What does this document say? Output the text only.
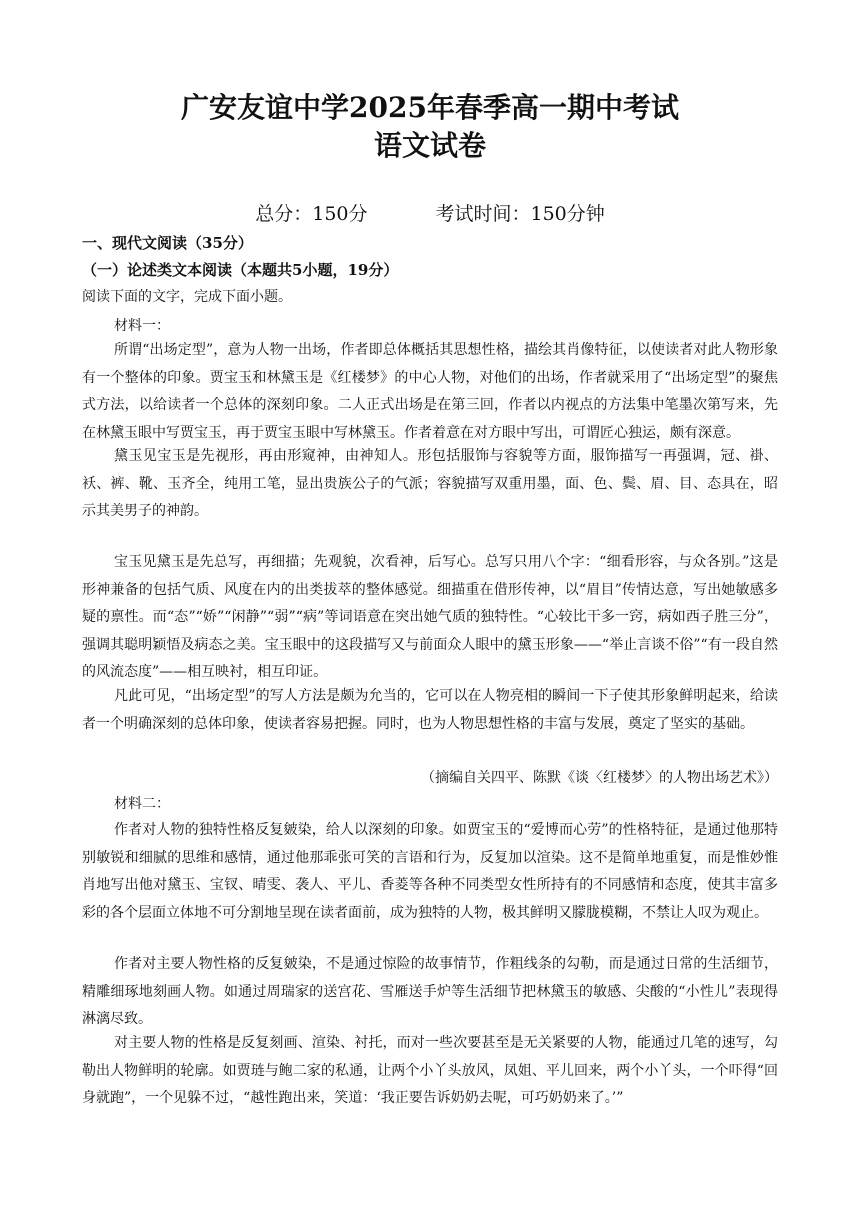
广安友谊中学2025年春季高一期中考试
语文试卷
总分：150分	考试时间：150分钟
一、现代文阅读（35分）
（一）论述类文本阅读（本题共5小题，19分）
阅读下面的文字，完成下面小题。
材料一：

所谓“出场定型”，意为人物一出场，作者即总体概括其思想性格，描绘其肖像特征，以使读者对此人物形象有一个整体的印象。贾宝玉和林黛玉是《红楼梦》的中心人物，对他们的出场，作者就采用了“出场定型”的聚焦式方法，以给读者一个总体的深刻印象。二人正式出场是在第三回，作者以内视点的方法集中笔墨次第写来，先在林黛玉眼中写贾宝玉，再于贾宝玉眼中写林黛玉。作者着意在对方眼中写出，可谓匠心独运，颇有深意。

黛玉见宝玉是先视形，再由形窥神，由神知人。形包括服饰与容貌等方面，服饰描写一再强调，冠、褂、袄、裤、靴、玉齐全，纯用工笔，显出贵族公子的气派；容貌描写双重用墨，面、色、鬓、眉、目、态具在，昭示其美男子的神韵。

宝玉见黛玉是先总写，再细描；先观貌，次看神，后写心。总写只用八个字：“细看形容，与众各别。”这是形神兼备的包括气质、风度在内的出类拔萃的整体感觉。细描重在借形传神，以“眉目”传情达意，写出她敏感多疑的禀性。而“态”“娇”“闲静”“弱”“病”等词语意在突出她气质的独特性。“心较比干多一窍，病如西子胜三分”，强调其聪明颖悟及病态之美。宝玉眼中的这段描写又与前面众人眼中的黛玉形象——“举止言谈不俗”“有一段自然的风流态度”——相互映衬，相互印证。

凡此可见，“出场定型”的写人方法是颇为允当的，它可以在人物亮相的瞬间一下子使其形象鲜明起来，给读者一个明确深刻的总体印象，使读者容易把握。同时，也为人物思想性格的丰富与发展，奠定了坚实的基础。

（摘编自关四平、陈默《谈〈红楼梦〉的人物出场艺术》）
材料二：

作者对人物的独特性格反复皴染，给人以深刻的印象。如贾宝玉的“爱博而心劳”的性格特征，是通过他那特别敏锐和细腻的思维和感情，通过他那乖张可笑的言语和行为，反复加以渲染。这不是简单地重复，而是惟妙惟肖地写出他对黛玉、宝钗、晴雯、袭人、平儿、香菱等各种不同类型女性所持有的不同感情和态度，使其丰富多彩的各个层面立体地不可分割地呈现在读者面前，成为独特的人物，极其鲜明又朦胧模糊，不禁让人叹为观止。

作者对主要人物性格的反复皴染，不是通过惊险的故事情节，作粗线条的勾勒，而是通过日常的生活细节，精雕细琢地刻画人物。如通过周瑞家的送宫花、雪雁送手炉等生活细节把林黛玉的敏感、尖酸的“小性儿”表现得淋漓尽致。

对主要人物的性格是反复刻画、渲染、衬托，而对一些次要甚至是无关紧要的人物，能通过几笔的速写，勾勒出人物鲜明的轮廓。如贾琏与鲍二家的私通，让两个小丫头放风，凤姐、平儿回来，两个小丫头，一个吓得“回身就跑”，一个见躲不过，“越性跑出来，笑道：‘我正要告诉奶奶去呢，可巧奶奶来了。’”
